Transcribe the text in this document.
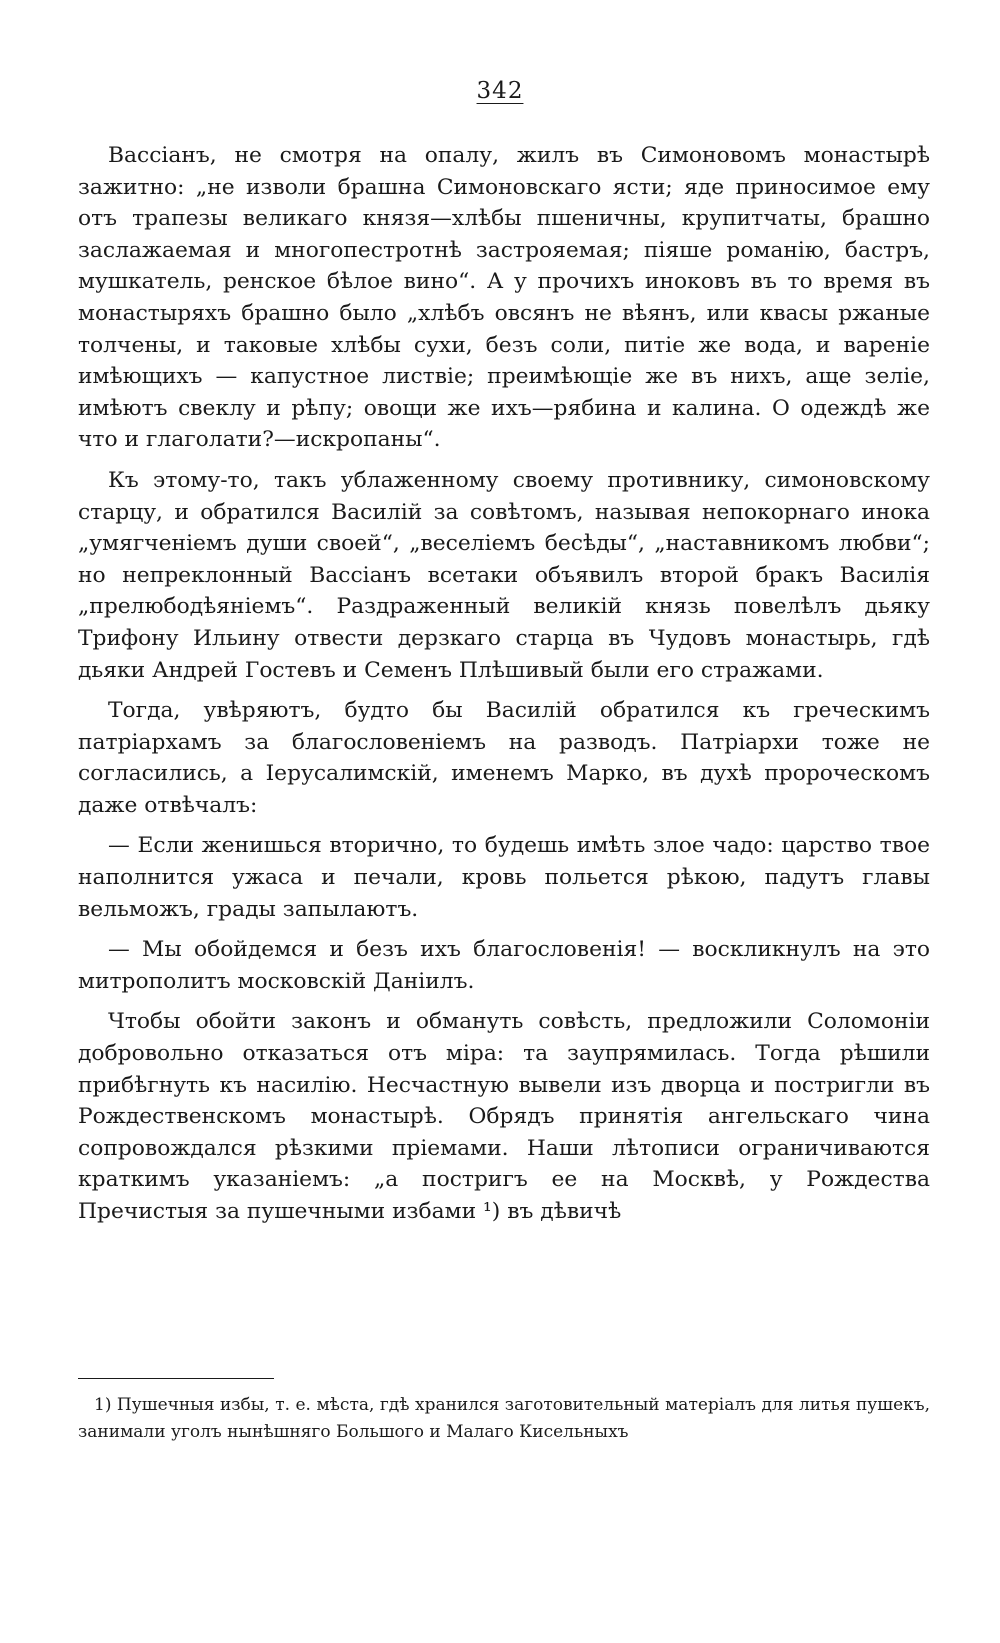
342

Вассіанъ, не смотря на опалу, жилъ въ Симоновомъ монастырѣ зажитно: „не изволи брашна Симоновскаго ясти; яде приносимое ему отъ трапезы великаго князя—хлѣбы пшеничны, крупитчаты, брашно заслажаемая и многопестротнѣ застрояемая; піяше романію, бастръ, мушкатель, ренское бѣлое вино“. А у прочихъ иноковъ въ то время въ монастыряхъ брашно было „хлѣбъ овсянъ не вѣянъ, или квасы ржаные толчены, и таковые хлѣбы сухи, безъ соли, питіе же вода, и вареніе имѣющихъ — капустное листвіе; преимѣющіе же въ нихъ, аще зеліе, имѣютъ свеклу и рѣпу; овощи же ихъ—рябина и калина. О одеждѣ же что и глаголати?—искропаны“.

Къ этому-то, такъ ублаженному своему противнику, симоновскому старцу, и обратился Василій за совѣтомъ, называя непокорнаго инока „умягченіемъ души своей“, „веселіемъ бесѣды“, „наставникомъ любви“; но непреклонный Вассіанъ всетаки объявилъ второй бракъ Василія „прелюбодѣяніемъ“. Раздраженный великій князь повелѣлъ дьяку Трифону Ильину отвести дерзкаго старца въ Чудовъ монастырь, гдѣ дьяки Андрей Гостевъ и Семенъ Плѣшивый были его стражами.

Тогда, увѣряютъ, будто бы Василій обратился къ греческимъ патріархамъ за благословеніемъ на разводъ. Патріархи тоже не согласились, а Іерусалимскій, именемъ Марко, въ духѣ пророческомъ даже отвѣчалъ:

— Если женишься вторично, то будешь имѣть злое чадо: царство твое наполнится ужаса и печали, кровь польется рѣкою, падутъ главы вельможъ, грады запылаютъ.

— Мы обойдемся и безъ ихъ благословенія! — воскликнулъ на это митрополитъ московскій Даніилъ.

Чтобы обойти законъ и обмануть совѣсть, предложили Соломоніи добровольно отказаться отъ міра: та заупрямилась. Тогда рѣшили прибѣгнуть къ насилію. Несчастную вывели изъ дворца и постригли въ Рождественскомъ монастырѣ. Обрядъ принятія ангельскаго чина сопровождался рѣзкими пріемами. Наши лѣтописи ограничиваются краткимъ указаніемъ: „а постригъ ее на Москвѣ, у Рождества Пречистыя за пушечными избами ¹) въ дѣвичѣ

1) Пушечныя избы, т. е. мѣста, гдѣ хранился заготовительный матеріалъ для литья пушекъ, занимали уголъ нынѣшняго Большого и Малаго Кисельныхъ
